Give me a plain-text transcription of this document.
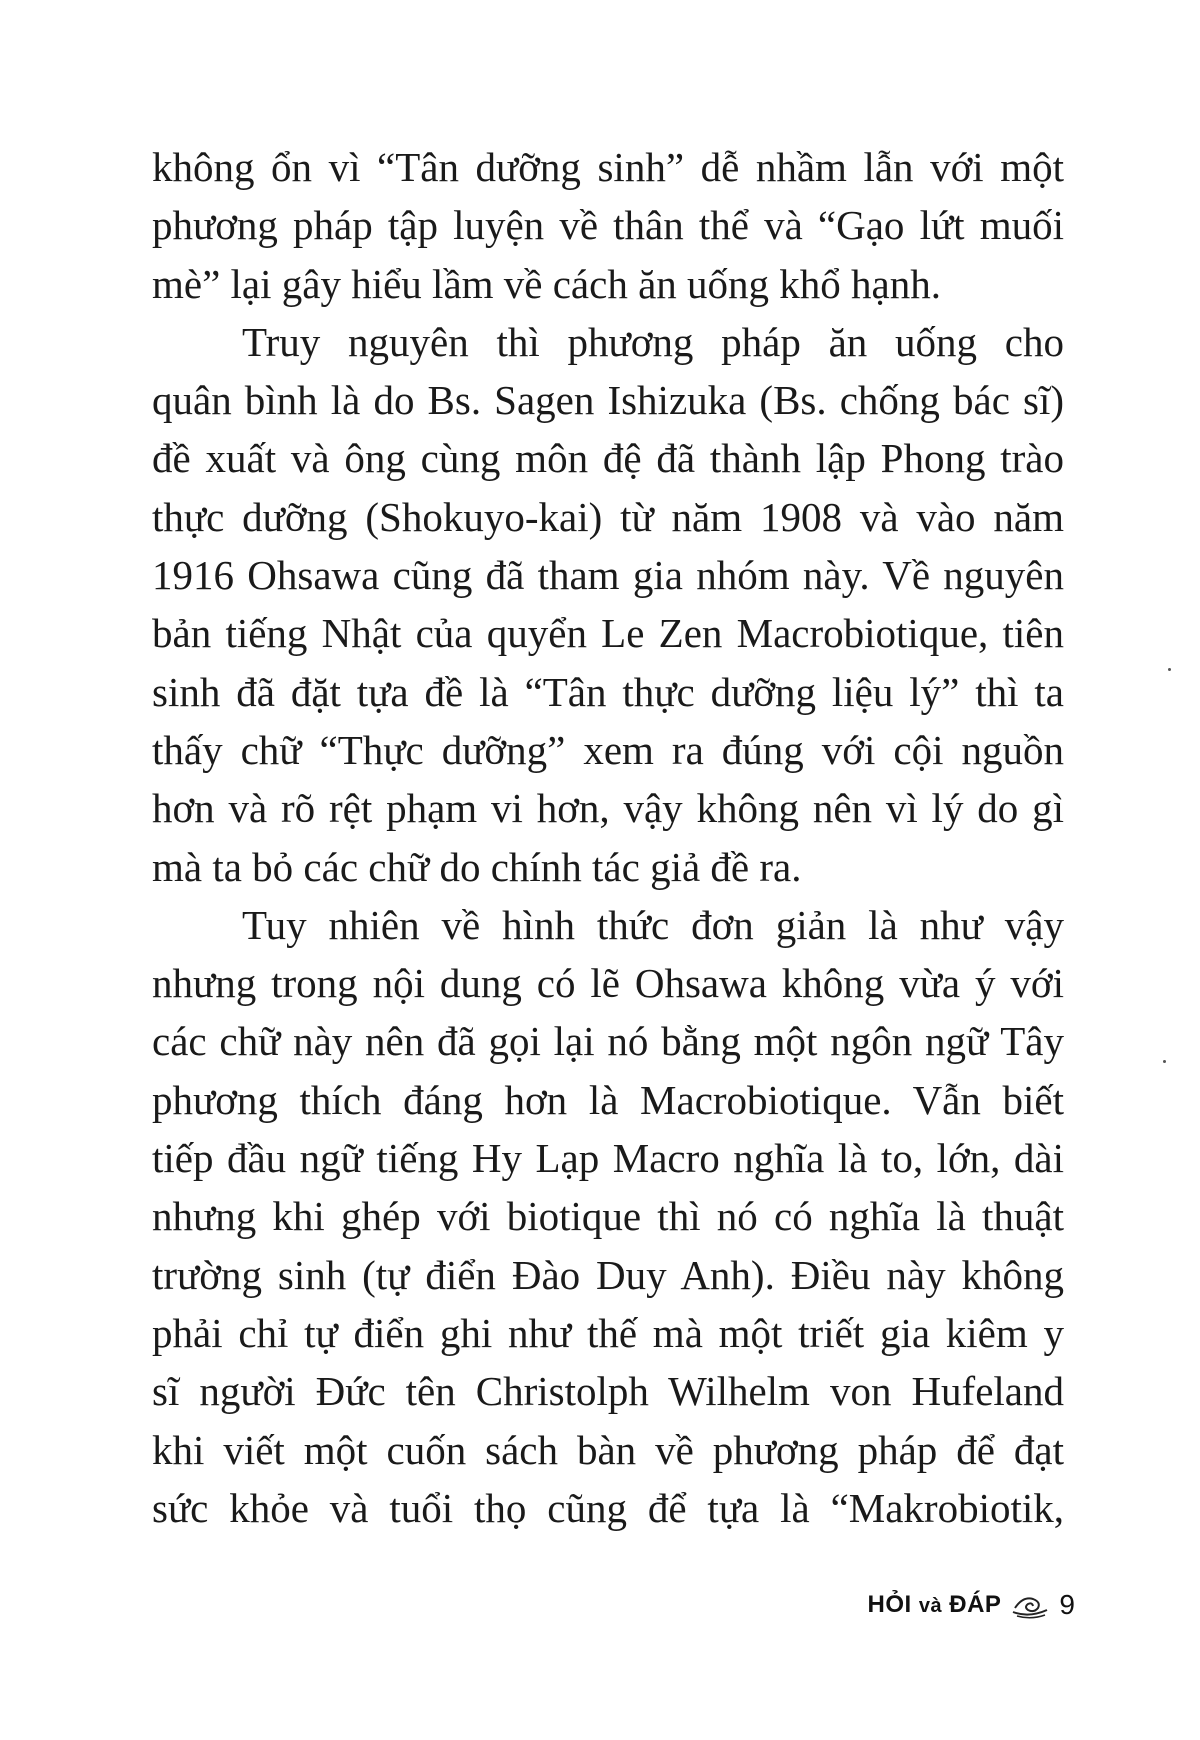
không ổn vì “Tân dưỡng sinh” dễ nhầm lẫn với một
phương pháp tập luyện về thân thể và “Gạo lứt muối
mè” lại gây hiểu lầm về cách ăn uống khổ hạnh.
Truy nguyên thì phương pháp ăn uống cho
quân bình là do Bs. Sagen Ishizuka (Bs. chống bác sĩ)
đề xuất và ông cùng môn đệ đã thành lập Phong trào
thực dưỡng (Shokuyo-kai) từ năm 1908 và vào năm
1916 Ohsawa cũng đã tham gia nhóm này. Về nguyên
bản tiếng Nhật của quyển Le Zen Macrobiotique, tiên
sinh đã đặt tựa đề là “Tân thực dưỡng liệu lý” thì ta
thấy chữ “Thực dưỡng” xem ra đúng với cội nguồn
hơn và rõ rệt phạm vi hơn, vậy không nên vì lý do gì
mà ta bỏ các chữ do chính tác giả đề ra.
Tuy nhiên về hình thức đơn giản là như vậy
nhưng trong nội dung có lẽ Ohsawa không vừa ý với
các chữ này nên đã gọi lại nó bằng một ngôn ngữ Tây
phương thích đáng hơn là Macrobiotique. Vẫn biết
tiếp đầu ngữ tiếng Hy Lạp Macro nghĩa là to, lớn, dài
nhưng khi ghép với biotique thì nó có nghĩa là thuật
trường sinh (tự điển Đào Duy Anh). Điều này không
phải chỉ tự điển ghi như thế mà một triết gia kiêm y
sĩ người Đức tên Christolph Wilhelm von Hufeland
khi viết một cuốn sách bàn về phương pháp để đạt
sức khỏe và tuổi thọ cũng để tựa là “Makrobiotik,
HỎI và ĐÁP 9
